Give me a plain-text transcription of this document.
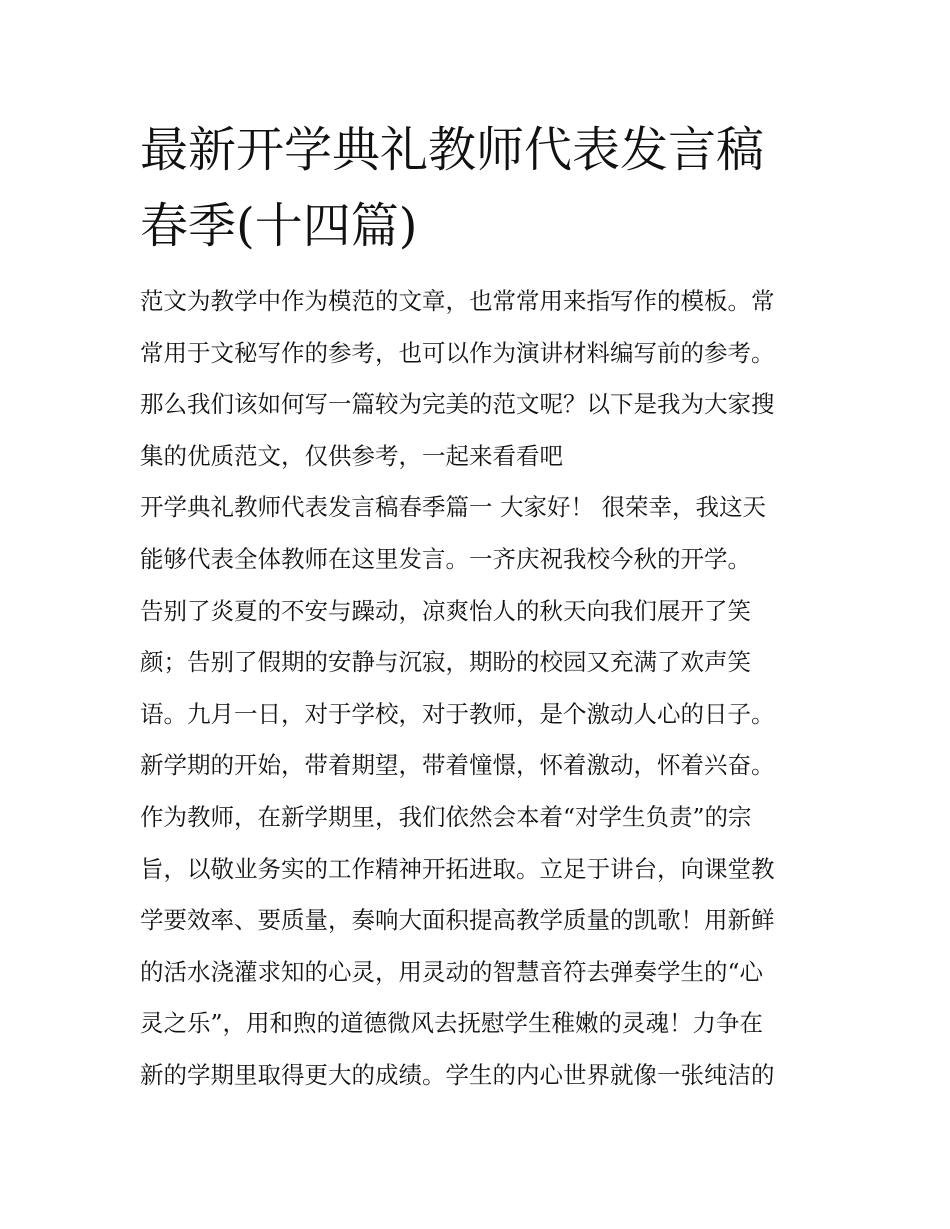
最新开学典礼教师代表发言稿
春季(十四篇)
范文为教学中作为模范的文章，也常常用来指写作的模板。常
常用于文秘写作的参考，也可以作为演讲材料编写前的参考。
那么我们该如何写一篇较为完美的范文呢？以下是我为大家搜
集的优质范文，仅供参考，一起来看看吧
开学典礼教师代表发言稿春季篇一 大家好！ 很荣幸，我这天
能够代表全体教师在这里发言。一齐庆祝我校今秋的开学。
告别了炎夏的不安与躁动，凉爽怡人的秋天向我们展开了笑
颜；告别了假期的安静与沉寂，期盼的校园又充满了欢声笑
语。九月一日，对于学校，对于教师，是个激动人心的日子。
新学期的开始，带着期望，带着憧憬，怀着激动，怀着兴奋。
作为教师，在新学期里，我们依然会本着“对学生负责”的宗
旨，以敬业务实的工作精神开拓进取。立足于讲台，向课堂教
学要效率、要质量，奏响大面积提高教学质量的凯歌！用新鲜
的活水浇灌求知的心灵，用灵动的智慧音符去弹奏学生的“心
灵之乐”，用和煦的道德微风去抚慰学生稚嫩的灵魂！力争在
新的学期里取得更大的成绩。学生的内心世界就像一张纯洁的
